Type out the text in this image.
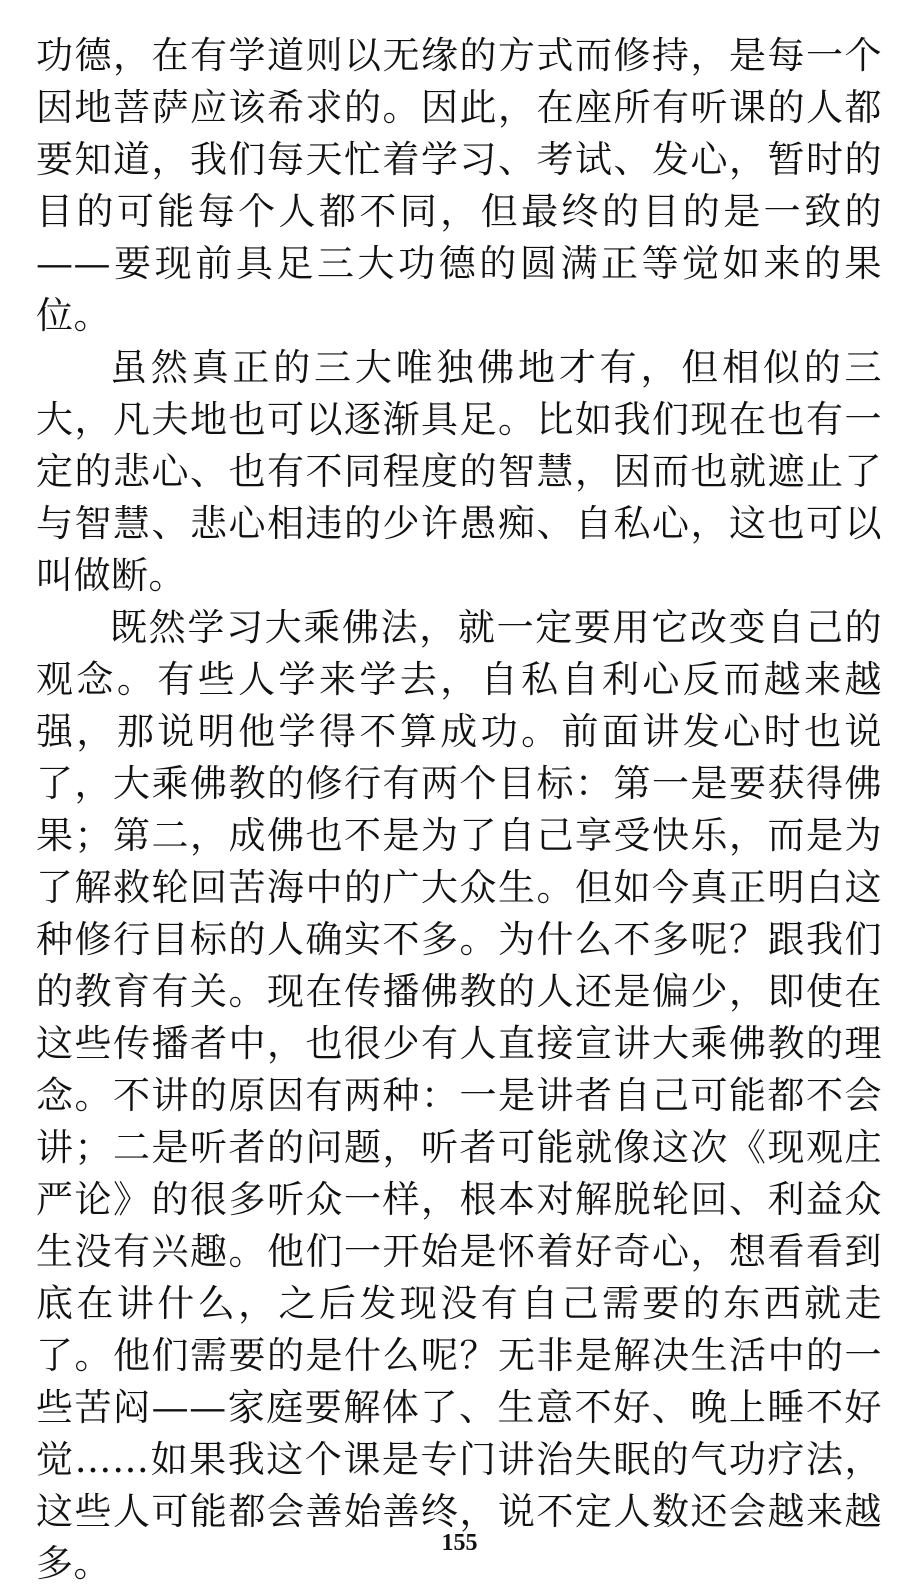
功德，在有学道则以无缘的方式而修持，是每一个因地菩萨应该希求的。因此，在座所有听课的人都要知道，我们每天忙着学习、考试、发心，暂时的目的可能每个人都不同，但最终的目的是一致的——要现前具足三大功德的圆满正等觉如来的果位。

虽然真正的三大唯独佛地才有，但相似的三大，凡夫地也可以逐渐具足。比如我们现在也有一定的悲心、也有不同程度的智慧，因而也就遮止了与智慧、悲心相违的少许愚痴、自私心，这也可以叫做断。

既然学习大乘佛法，就一定要用它改变自己的观念。有些人学来学去，自私自利心反而越来越强，那说明他学得不算成功。前面讲发心时也说了，大乘佛教的修行有两个目标：第一是要获得佛果；第二，成佛也不是为了自己享受快乐，而是为了解救轮回苦海中的广大众生。但如今真正明白这种修行目标的人确实不多。为什么不多呢？跟我们的教育有关。现在传播佛教的人还是偏少，即使在这些传播者中，也很少有人直接宣讲大乘佛教的理念。不讲的原因有两种：一是讲者自己可能都不会讲；二是听者的问题，听者可能就像这次《现观庄严论》的很多听众一样，根本对解脱轮回、利益众生没有兴趣。他们一开始是怀着好奇心，想看看到底在讲什么，之后发现没有自己需要的东西就走了。他们需要的是什么呢？无非是解决生活中的一些苦闷——家庭要解体了、生意不好、晚上睡不好觉……如果我这个课是专门讲治失眠的气功疗法，这些人可能都会善始善终，说不定人数还会越来越多。	155
